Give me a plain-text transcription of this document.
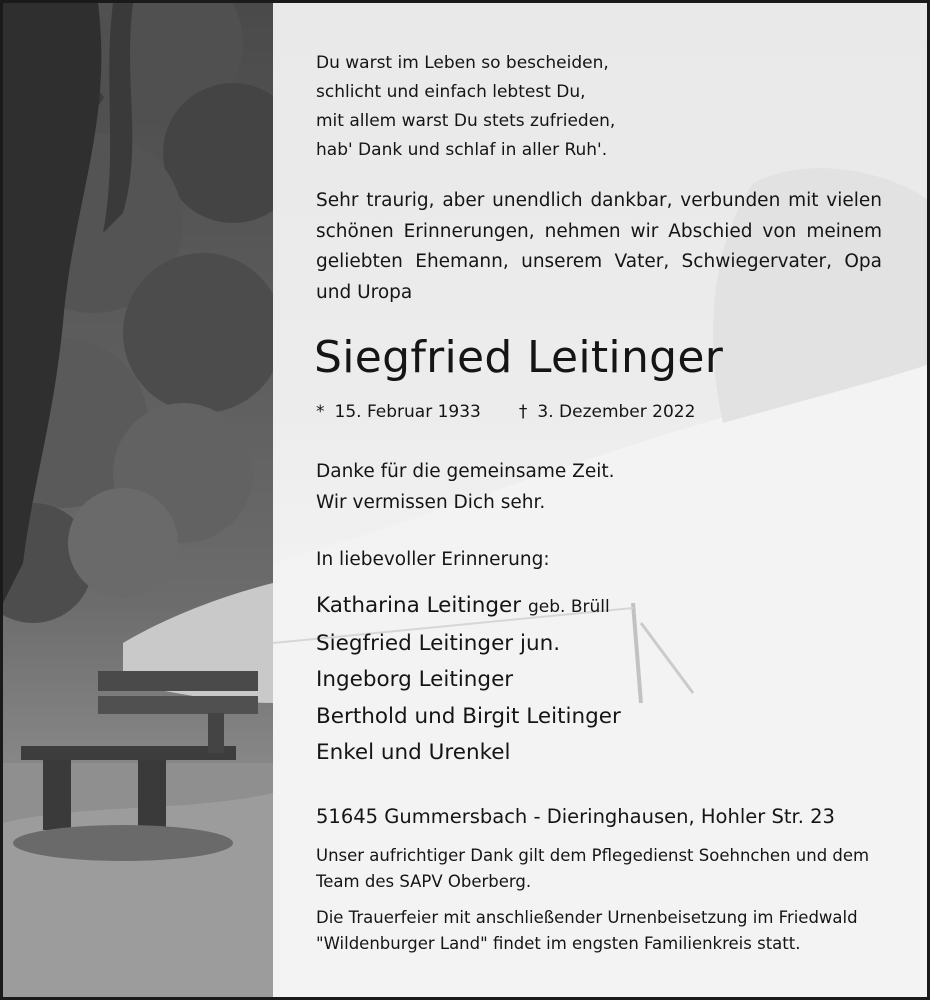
Du warst im Leben so bescheiden,
schlicht und einfach lebtest Du,
mit allem warst Du stets zufrieden,
hab' Dank und schlaf in aller Ruh'.
Sehr traurig, aber unendlich dankbar, verbunden mit vielen schönen Erinnerungen, nehmen wir Abschied von meinem geliebten Ehemann, unserem Vater, Schwiegervater, Opa und Uropa
Siegfried Leitinger
* 15. Februar 1933 † 3. Dezember 2022
Danke für die gemeinsame Zeit.
Wir vermissen Dich sehr.
In liebevoller Erinnerung:
Katharina Leitinger geb. Brüll
Siegfried Leitinger jun.
Ingeborg Leitinger
Berthold und Birgit Leitinger
Enkel und Urenkel
51645 Gummersbach - Dieringhausen, Hohler Str. 23
Unser aufrichtiger Dank gilt dem Pflegedienst Soehnchen und dem Team des SAPV Oberberg.
Die Trauerfeier mit anschließender Urnenbeisetzung im Friedwald "Wildenburger Land" findet im engsten Familienkreis statt.
